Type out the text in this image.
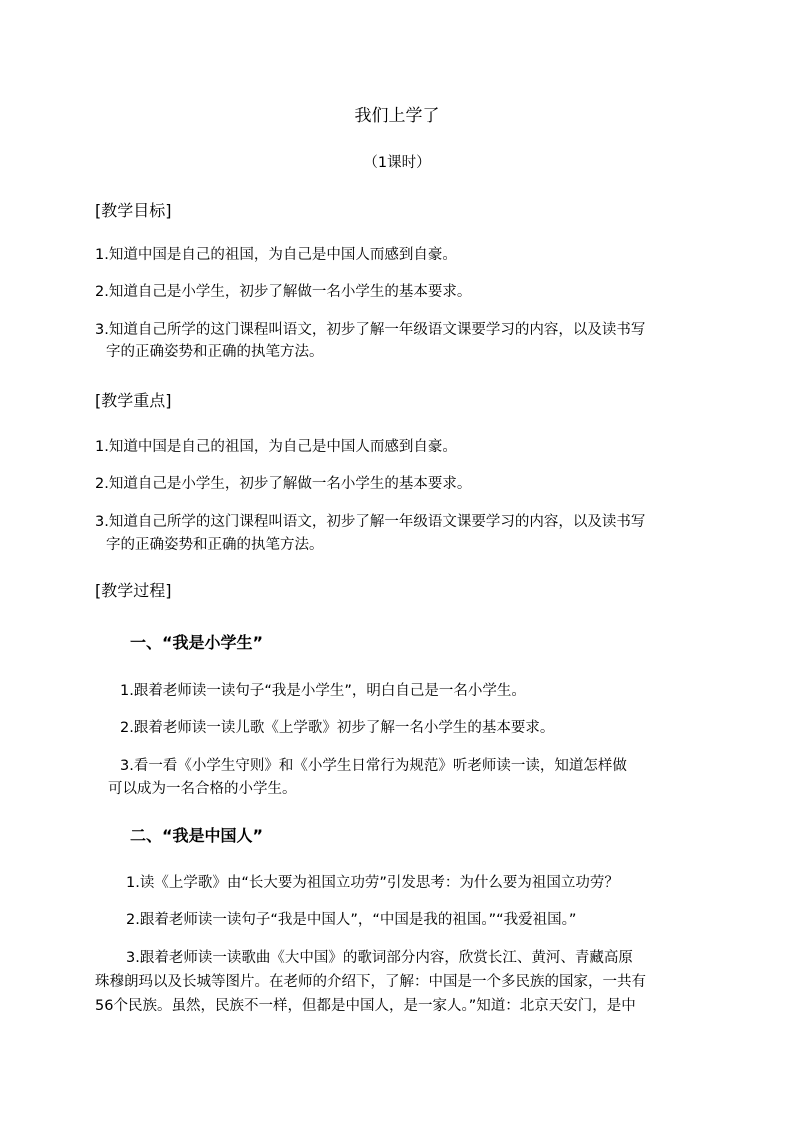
我们上学了
（1课时）
[教学目标]
1.知道中国是自己的祖国，为自己是中国人而感到自豪。
2.知道自己是小学生，初步了解做一名小学生的基本要求。
3.知道自己所学的这门课程叫语文，初步了解一年级语文课要学习的内容，以及读书写
字的正确姿势和正确的执笔方法。
[教学重点]
1.知道中国是自己的祖国，为自己是中国人而感到自豪。
2.知道自己是小学生，初步了解做一名小学生的基本要求。
3.知道自己所学的这门课程叫语文，初步了解一年级语文课要学习的内容，以及读书写
字的正确姿势和正确的执笔方法。
[教学过程]
一、“我是小学生”
1.跟着老师读一读句子“我是小学生”，明白自己是一名小学生。
2.跟着老师读一读儿歌《上学歌》初步了解一名小学生的基本要求。
3.看一看《小学生守则》和《小学生日常行为规范》听老师读一读，知道怎样做
可以成为一名合格的小学生。
二、“我是中国人”
1.读《上学歌》由“长大要为祖国立功劳”引发思考：为什么要为祖国立功劳？
2.跟着老师读一读句子“我是中国人”，“中国是我的祖国。”“我爱祖国。”
3.跟着老师读一读歌曲《大中国》的歌词部分内容，欣赏长江、黄河、青藏高原
珠穆朗玛以及长城等图片。在老师的介绍下，了解：中国是一个多民族的国家，一共有
56个民族。虽然，民族不一样，但都是中国人，是一家人。”知道：北京天安门，是中
